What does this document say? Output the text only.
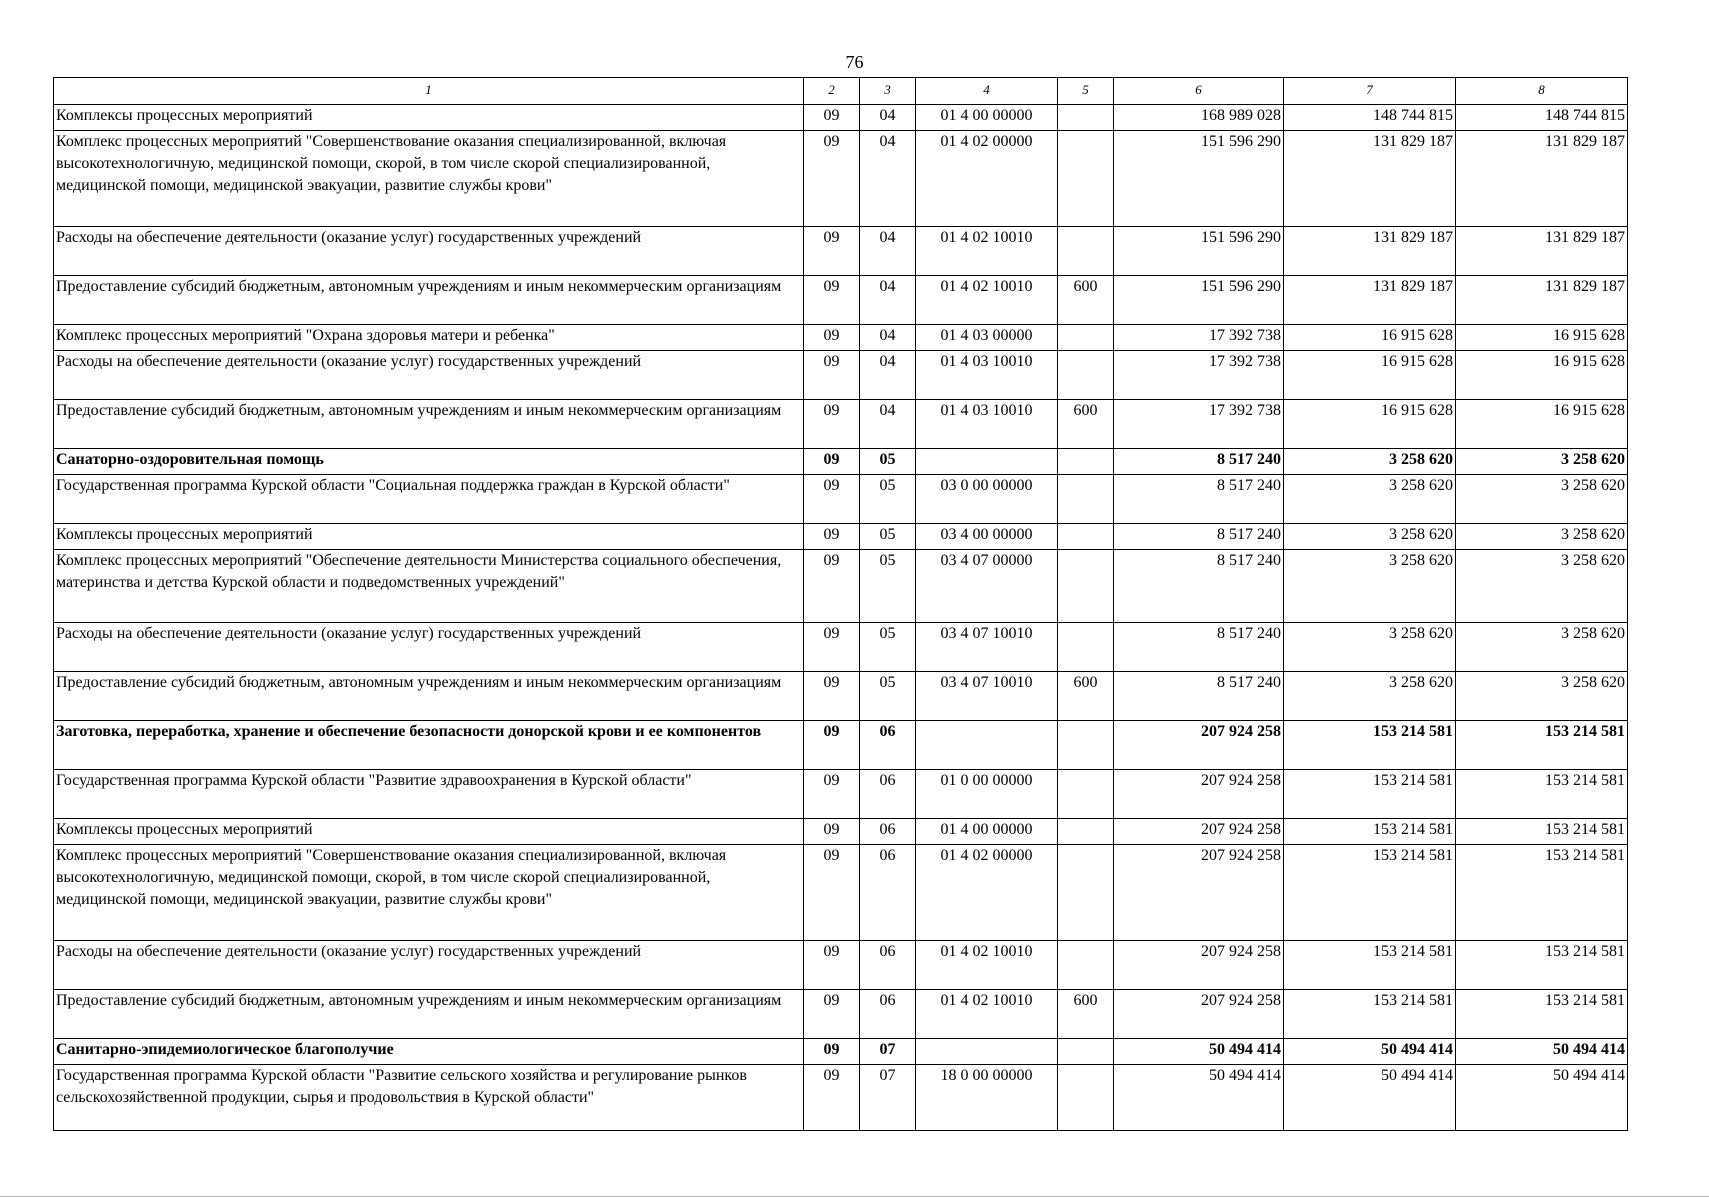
76
1	2	3	4	5	6	7	8
Комплексы процессных мероприятий	09	04	01 4 00 00000		168 989 028	148 744 815	148 744 815
Комплекс процессных мероприятий "Совершенствование оказания специализированной, включая высокотехнологичную, медицинской помощи, скорой, в том числе скорой специализированной, медицинской помощи, медицинской эвакуации, развитие службы крови"	09	04	01 4 02 00000		151 596 290	131 829 187	131 829 187
Расходы на обеспечение деятельности (оказание услуг) государственных учреждений	09	04	01 4 02 10010		151 596 290	131 829 187	131 829 187
Предоставление субсидий бюджетным, автономным учреждениям и иным некоммерческим организациям	09	04	01 4 02 10010	600	151 596 290	131 829 187	131 829 187
Комплекс процессных мероприятий "Охрана здоровья матери и ребенка"	09	04	01 4 03 00000		17 392 738	16 915 628	16 915 628
Расходы на обеспечение деятельности (оказание услуг) государственных учреждений	09	04	01 4 03 10010		17 392 738	16 915 628	16 915 628
Предоставление субсидий бюджетным, автономным учреждениям и иным некоммерческим организациям	09	04	01 4 03 10010	600	17 392 738	16 915 628	16 915 628
Санаторно-оздоровительная помощь	09	05			8 517 240	3 258 620	3 258 620
Государственная программа Курской области "Социальная поддержка граждан в Курской области"	09	05	03 0 00 00000		8 517 240	3 258 620	3 258 620
Комплексы процессных мероприятий	09	05	03 4 00 00000		8 517 240	3 258 620	3 258 620
Комплекс процессных мероприятий "Обеспечение деятельности Министерства социального обеспечения, материнства и детства Курской области и подведомственных учреждений"	09	05	03 4 07 00000		8 517 240	3 258 620	3 258 620
Расходы на обеспечение деятельности (оказание услуг) государственных учреждений	09	05	03 4 07 10010		8 517 240	3 258 620	3 258 620
Предоставление субсидий бюджетным, автономным учреждениям и иным некоммерческим организациям	09	05	03 4 07 10010	600	8 517 240	3 258 620	3 258 620
Заготовка, переработка, хранение и обеспечение безопасности донорской крови и ее компонентов	09	06			207 924 258	153 214 581	153 214 581
Государственная программа Курской области "Развитие здравоохранения в Курской области"	09	06	01 0 00 00000		207 924 258	153 214 581	153 214 581
Комплексы процессных мероприятий	09	06	01 4 00 00000		207 924 258	153 214 581	153 214 581
Комплекс процессных мероприятий "Совершенствование оказания специализированной, включая высокотехнологичную, медицинской помощи, скорой, в том числе скорой специализированной, медицинской помощи, медицинской эвакуации, развитие службы крови"	09	06	01 4 02 00000		207 924 258	153 214 581	153 214 581
Расходы на обеспечение деятельности (оказание услуг) государственных учреждений	09	06	01 4 02 10010		207 924 258	153 214 581	153 214 581
Предоставление субсидий бюджетным, автономным учреждениям и иным некоммерческим организациям	09	06	01 4 02 10010	600	207 924 258	153 214 581	153 214 581
Санитарно-эпидемиологическое благополучие	09	07			50 494 414	50 494 414	50 494 414
Государственная программа Курской области "Развитие сельского хозяйства и регулирование рынков сельскохозяйственной продукции, сырья и продовольствия в Курской области"	09	07	18 0 00 00000		50 494 414	50 494 414	50 494 414
